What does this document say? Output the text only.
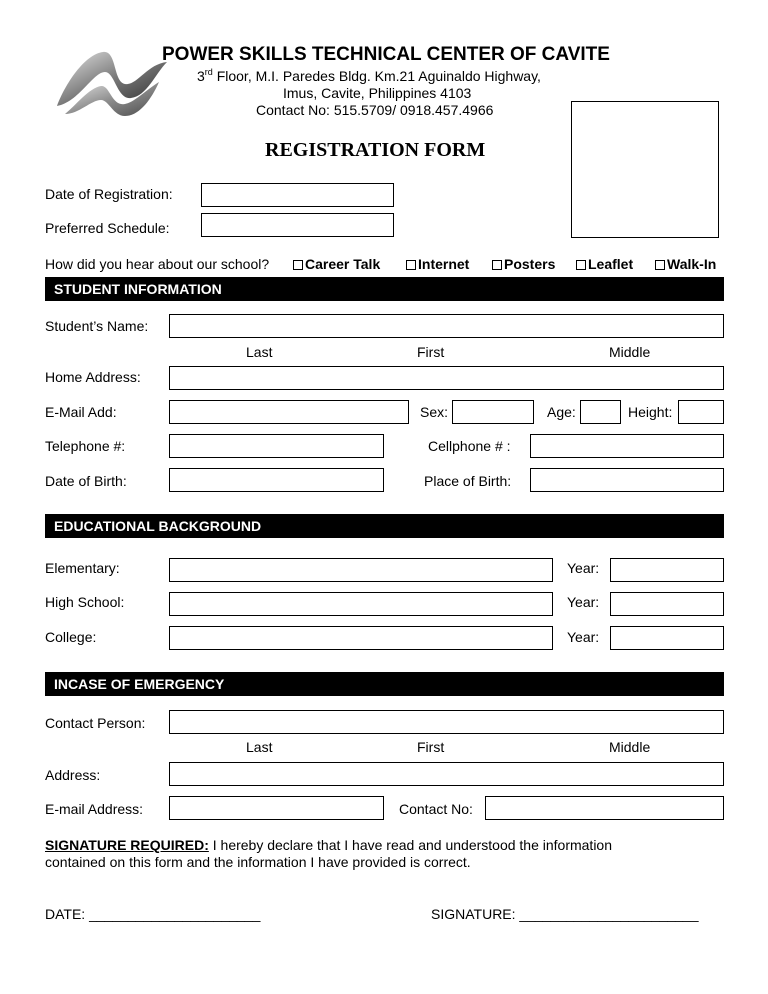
POWER SKILLS TECHNICAL CENTER OF CAVITE
3rd Floor, M.I. Paredes Bldg. Km.21 Aguinaldo Highway,
Imus, Cavite, Philippines 4103
Contact No: 515.5709/ 0918.457.4966
REGISTRATION FORM
Date of Registration:
Preferred Schedule:
How did you hear about our school?	Career Talk	Internet	Posters	Leaflet	Walk-In
STUDENT INFORMATION
Student’s Name:
Last	First	Middle
Home Address:
E-Mail Add:	Sex:	Age:	Height:
Telephone #:	Cellphone # :
Date of Birth:	Place of Birth:
EDUCATIONAL BACKGROUND
Elementary:	Year:
High School:	Year:
College:	Year:
INCASE OF EMERGENCY
Contact Person:
Last	First	Middle
Address:
E-mail Address:	Contact No:
SIGNATURE REQUIRED: I hereby declare that I have read and understood the information
contained on this form and the information I have provided is correct.
DATE: ______________________	SIGNATURE: _______________________
